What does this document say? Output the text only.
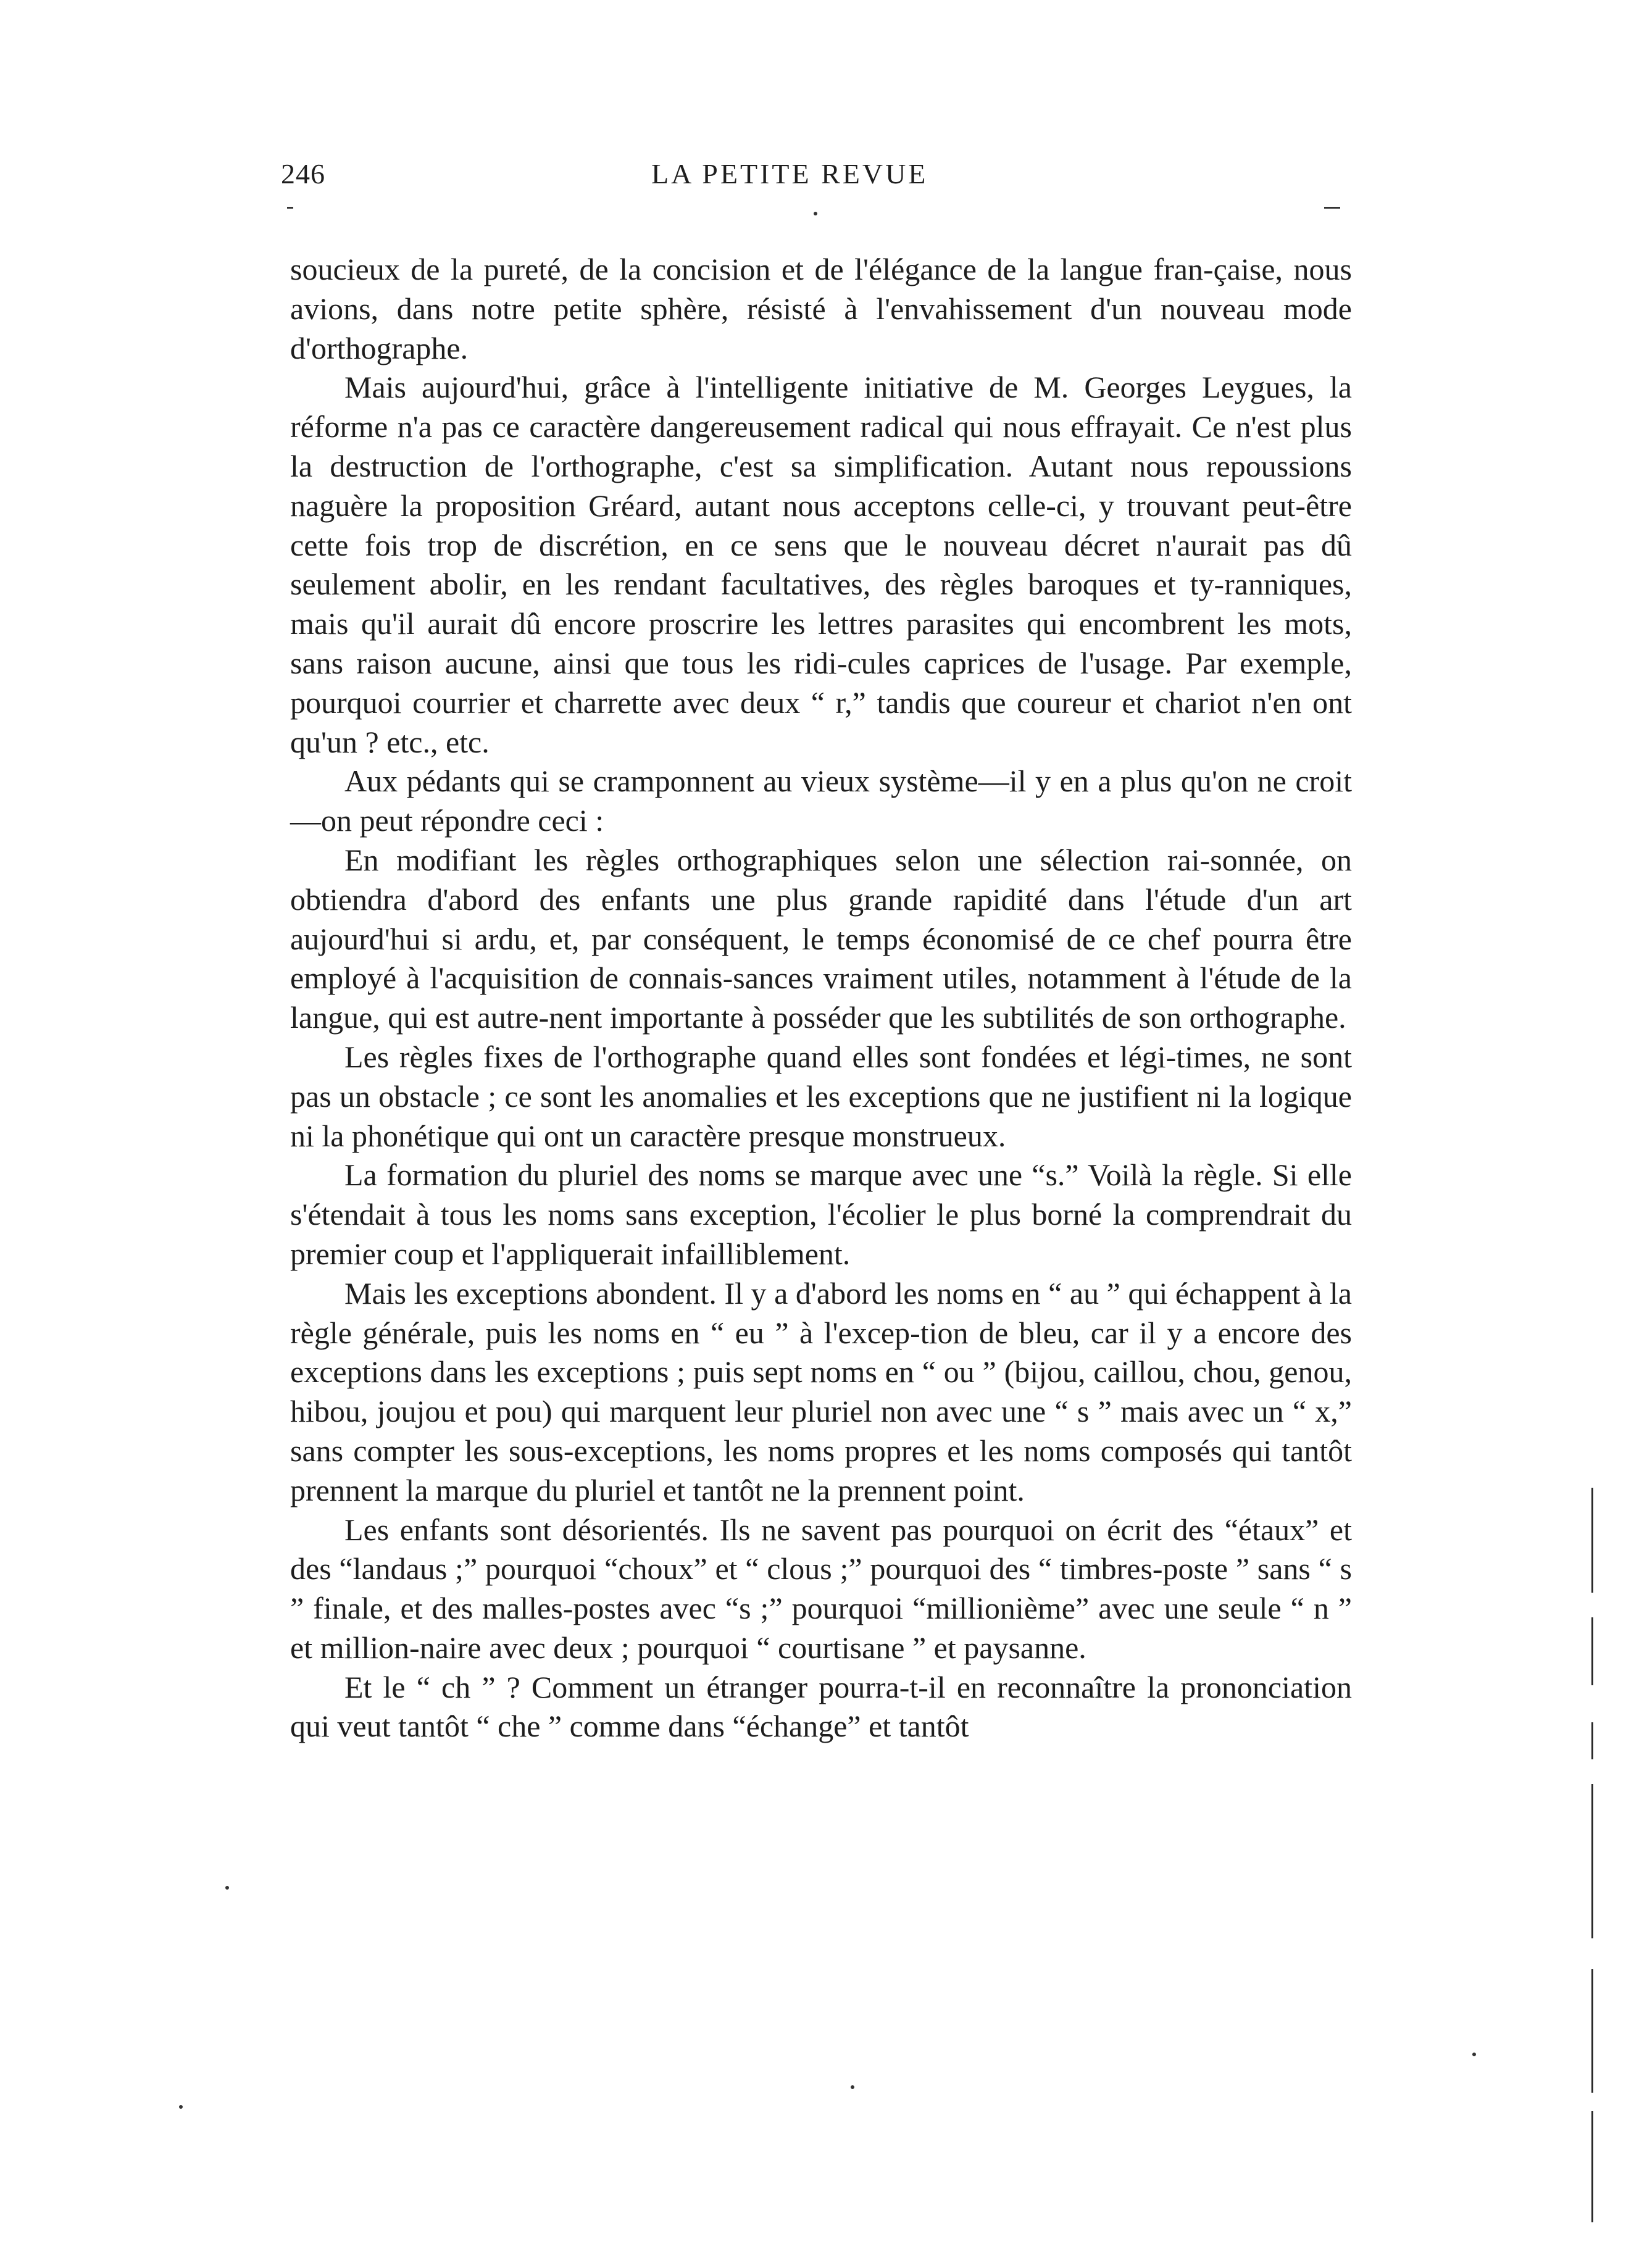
246	LA PETITE REVUE

soucieux de la pureté, de la concision et de l'élégance de la langue fran-çaise, nous avions, dans notre petite sphère, résisté à l'envahissement d'un nouveau mode d'orthographe.

Mais aujourd'hui, grâce à l'intelligente initiative de M. Georges Leygues, la réforme n'a pas ce caractère dangereusement radical qui nous effrayait. Ce n'est plus la destruction de l'orthographe, c'est sa simplification. Autant nous repoussions naguère la proposition Gréard, autant nous acceptons celle-ci, y trouvant peut-être cette fois trop de discrétion, en ce sens que le nouveau décret n'aurait pas dû seulement abolir, en les rendant facultatives, des règles baroques et ty-ranniques, mais qu'il aurait dû encore proscrire les lettres parasites qui encombrent les mots, sans raison aucune, ainsi que tous les ridi-cules caprices de l'usage. Par exemple, pourquoi courrier et charrette avec deux “ r,” tandis que coureur et chariot n'en ont qu'un ? etc., etc.

Aux pédants qui se cramponnent au vieux système—il y en a plus qu'on ne croit—on peut répondre ceci :

En modifiant les règles orthographiques selon une sélection rai-sonnée, on obtiendra d'abord des enfants une plus grande rapidité dans l'étude d'un art aujourd'hui si ardu, et, par conséquent, le temps économisé de ce chef pourra être employé à l'acquisition de connais-sances vraiment utiles, notamment à l'étude de la langue, qui est autre-nent importante à posséder que les subtilités de son orthographe.

Les règles fixes de l'orthographe quand elles sont fondées et légi-times, ne sont pas un obstacle ; ce sont les anomalies et les exceptions que ne justifient ni la logique ni la phonétique qui ont un caractère presque monstrueux.

La formation du pluriel des noms se marque avec une “s.” Voilà la règle. Si elle s'étendait à tous les noms sans exception, l'écolier le plus borné la comprendrait du premier coup et l'appliquerait infailliblement.

Mais les exceptions abondent. Il y a d'abord les noms en “ au ” qui échappent à la règle générale, puis les noms en “ eu ” à l'excep-tion de bleu, car il y a encore des exceptions dans les exceptions ; puis sept noms en “ ou ” (bijou, caillou, chou, genou, hibou, joujou et pou) qui marquent leur pluriel non avec une “ s ” mais avec un “ x,” sans compter les sous-exceptions, les noms propres et les noms composés qui tantôt prennent la marque du pluriel et tantôt ne la prennent point.

Les enfants sont désorientés. Ils ne savent pas pourquoi on écrit des “étaux” et des “landaus ;” pourquoi “choux” et “ clous ;” pourquoi des “ timbres-poste ” sans “ s ” finale, et des malles-postes avec “s ;” pourquoi “millionième” avec une seule “ n ” et million-naire avec deux ; pourquoi “ courtisane ” et paysanne.

Et le “ ch ” ? Comment un étranger pourra-t-il en reconnaître la prononciation qui veut tantôt “ che ” comme dans “échange” et tantôt
